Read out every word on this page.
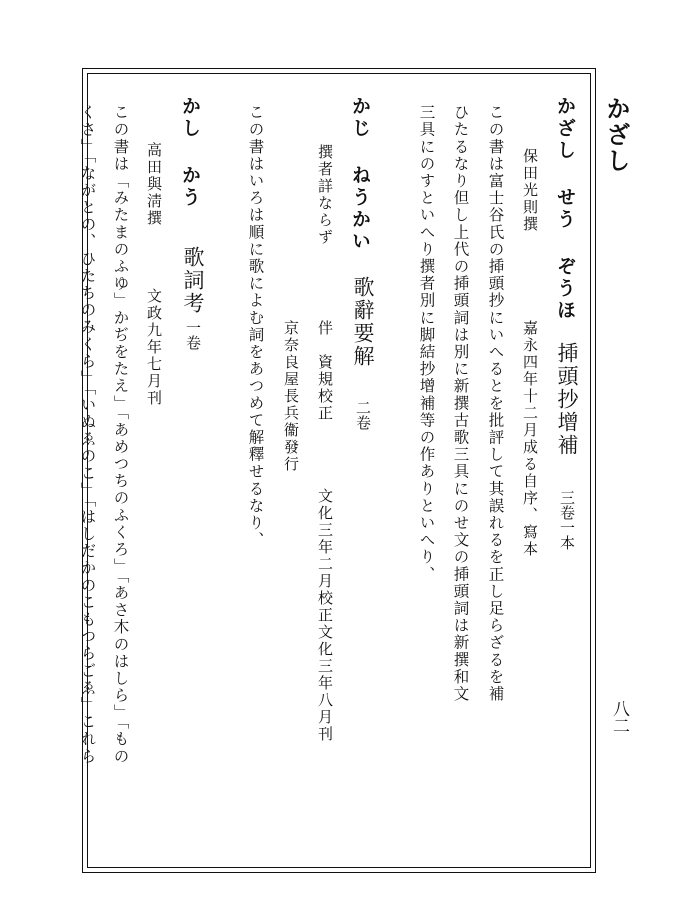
かざし
八二
かざし せう ぞうほ
揷頭抄增補
三卷一本
保田光則撰
嘉永四年十二月成る自序、寫本
この書は富士谷氏の揷頭抄にいへるとを批評して其誤れるを正し足らざるを補
ひたるなり但し上代の揷頭詞は別に新撰古歌三具にのせ文の揷頭詞は新撰和文
三具にのすといへり撰者別に脚結抄增補等の作ありといへり、
かじ ねうかい
歌辭要解
二卷
撰者詳ならず
伴　資規校正
文化三年二月校正文化三年八月刊
京奈良屋長兵衞發行
この書はいろは順に歌によむ詞をあつめて解釋せるなり、
かし かう
歌詞考
一卷
高田與淸撰
文政九年七月刊
この書は「みたまのふゆ」かぢをたえ」「あめつちのふくろ」「あさ木のはしら」「もの
くさ」「ながとの、ひたちのみくら」「いぬゑのこ」「はしだかのこもつらごゑ」これら
